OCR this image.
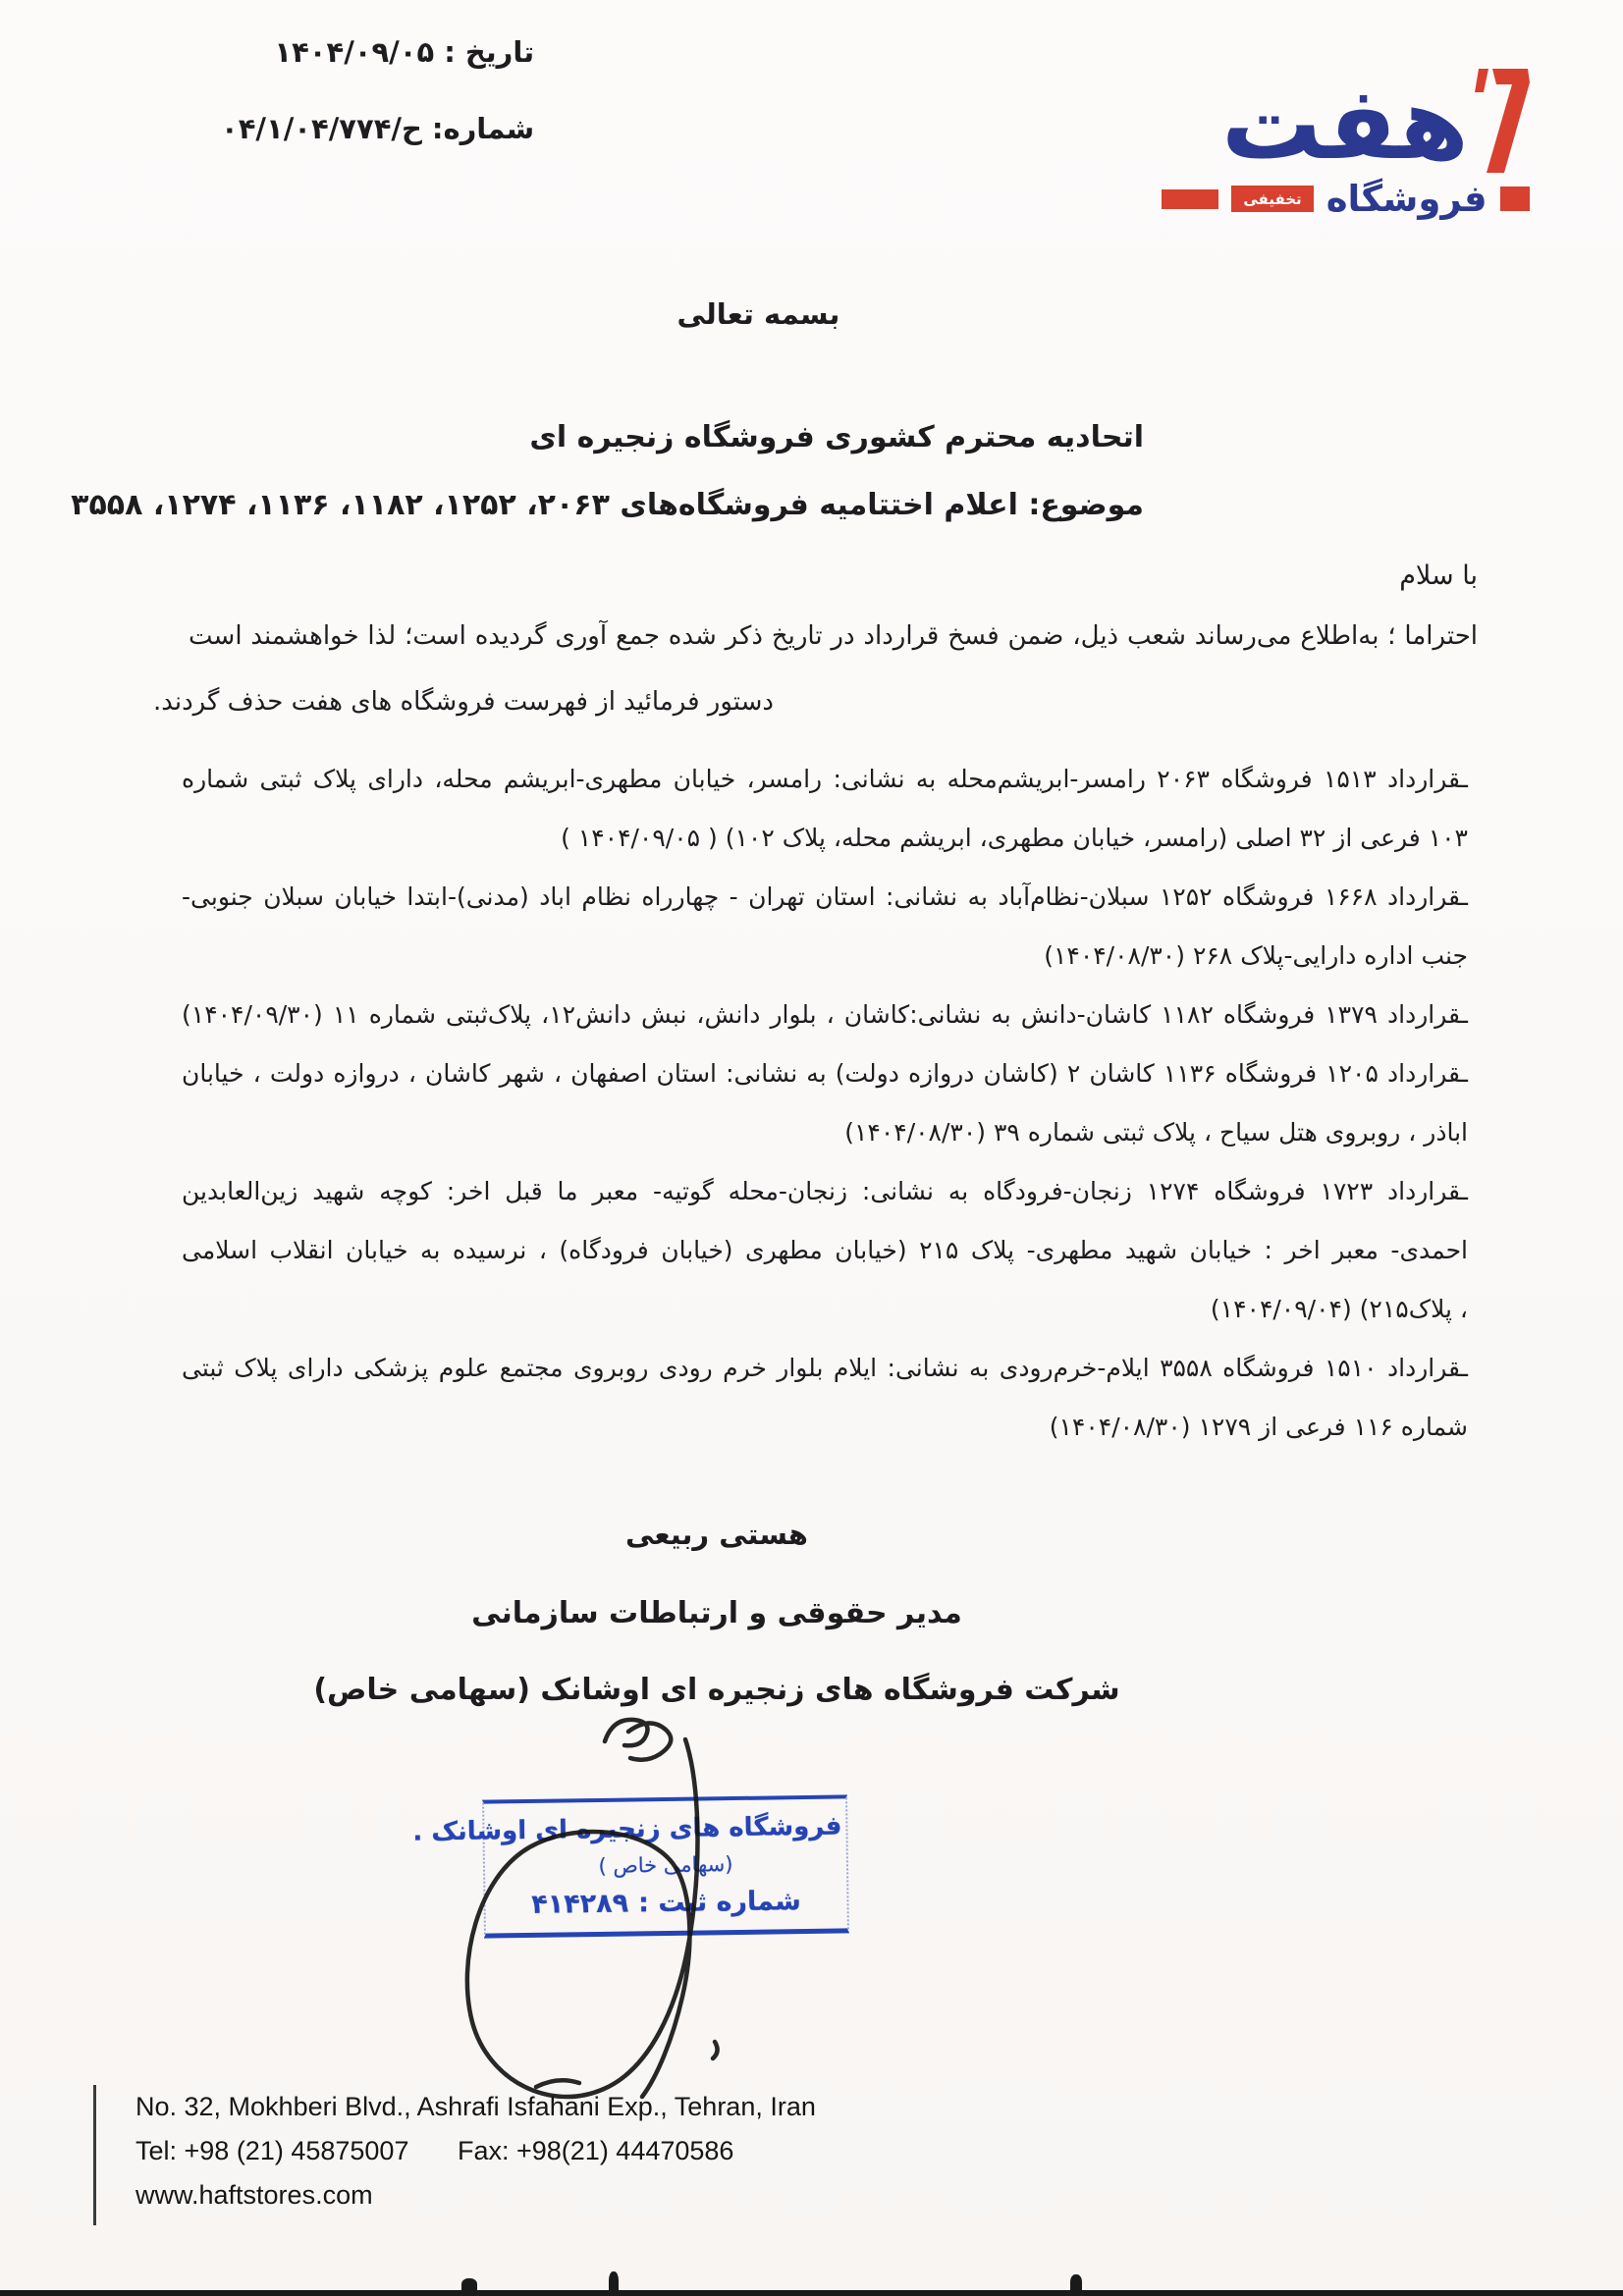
تاریخ :
۱۴۰۴/۰۹/۰۵
شماره:
۰۴/۱/ح/۰۴/۷۷۴	هفت
تخفیفی فروشگاه
بسمه تعالی
اتحادیه محترم کشوری فروشگاه زنجیره ای
موضوع: اعلام اختتامیه فروشگاه‌های ۲۰۶۳، ۱۲۵۲، ۱۱۸۲، ۱۱۳۶، ۱۲۷۴، ۳۵۵۸
با سلام
احتراما ؛ به‌اطلاع می‌رساند شعب ذیل، ضمن فسخ قرارداد در تاریخ ذکر شده جمع آوری گردیده است؛ لذا خواهشمند است
دستور فرمائید از فهرست فروشگاه های هفت حذف گردند.

ـقرارداد ۱۵۱۳ فروشگاه ۲۰۶۳ رامسر-ابریشم‌محله به نشانی: رامسر، خیابان مطهری-ابریشم محله، دارای پلاک ثبتی شماره

۱۰۳ فرعی از ۳۲ اصلی (رامسر، خیابان مطهری، ابریشم محله، پلاک ۱۰۲) ( ۱۴۰۴/۰۹/۰۵ )

ـقرارداد ۱۶۶۸ فروشگاه ۱۲۵۲ سبلان-نظام‌آباد به نشانی: استان تهران - چهارراه نظام اباد (مدنی)-ابتدا خیابان سبلان جنوبی-

جنب اداره دارایی-پلاک ۲۶۸ (۱۴۰۴/۰۸/۳۰)

ـقرارداد ۱۳۷۹ فروشگاه ۱۱۸۲ کاشان-دانش به نشانی:کاشان ، بلوار دانش، نبش دانش۱۲، پلاک‌ثبتی شماره ۱۱ (۱۴۰۴/۰۹/۳۰)

ـقرارداد ۱۲۰۵ فروشگاه ۱۱۳۶ کاشان ۲ (کاشان دروازه دولت) به نشانی: استان اصفهان ، شهر کاشان ، دروازه دولت ، خیابان

اباذر ، روبروی هتل سیاح ، پلاک ثبتی شماره ۳۹ (۱۴۰۴/۰۸/۳۰)

ـقرارداد ۱۷۲۳ فروشگاه ۱۲۷۴ زنجان-فرودگاه به نشانی: زنجان-محله گوتیه- معبر ما قبل اخر: کوچه شهید زین‌العابدین

احمدی- معبر اخر : خیابان شهید مطهری- پلاک ۲۱۵ (خیابان مطهری (خیابان فرودگاه) ، نرسیده به خیابان انقلاب اسلامی

، پلاک۲۱۵) (۱۴۰۴/۰۹/۰۴)

ـقرارداد ۱۵۱۰ فروشگاه ۳۵۵۸ ایلام-خرم‌رودی به نشانی: ایلام بلوار خرم رودی روبروی مجتمع علوم پزشکی دارای پلاک ثبتی

شماره ۱۱۶ فرعی از ۱۲۷۹ (۱۴۰۴/۰۸/۳۰)

هستی ربیعی
مدیر حقوقی و ارتباطات سازمانی
شرکت فروشگاه های زنجیره ای اوشانک (سهامی خاص)
فروشگاه های زنجیره ای اوشانک .
(سهامی خاص )
شماره ثبت :
۴۱۴۲۸۹
No. 32, Mokhberi Blvd., Ashrafi Isfahani Exp., Tehran, Iran
Tel: +98 (21) 45875007 Fax: +98(21) 44470586
www.haftstores.com
